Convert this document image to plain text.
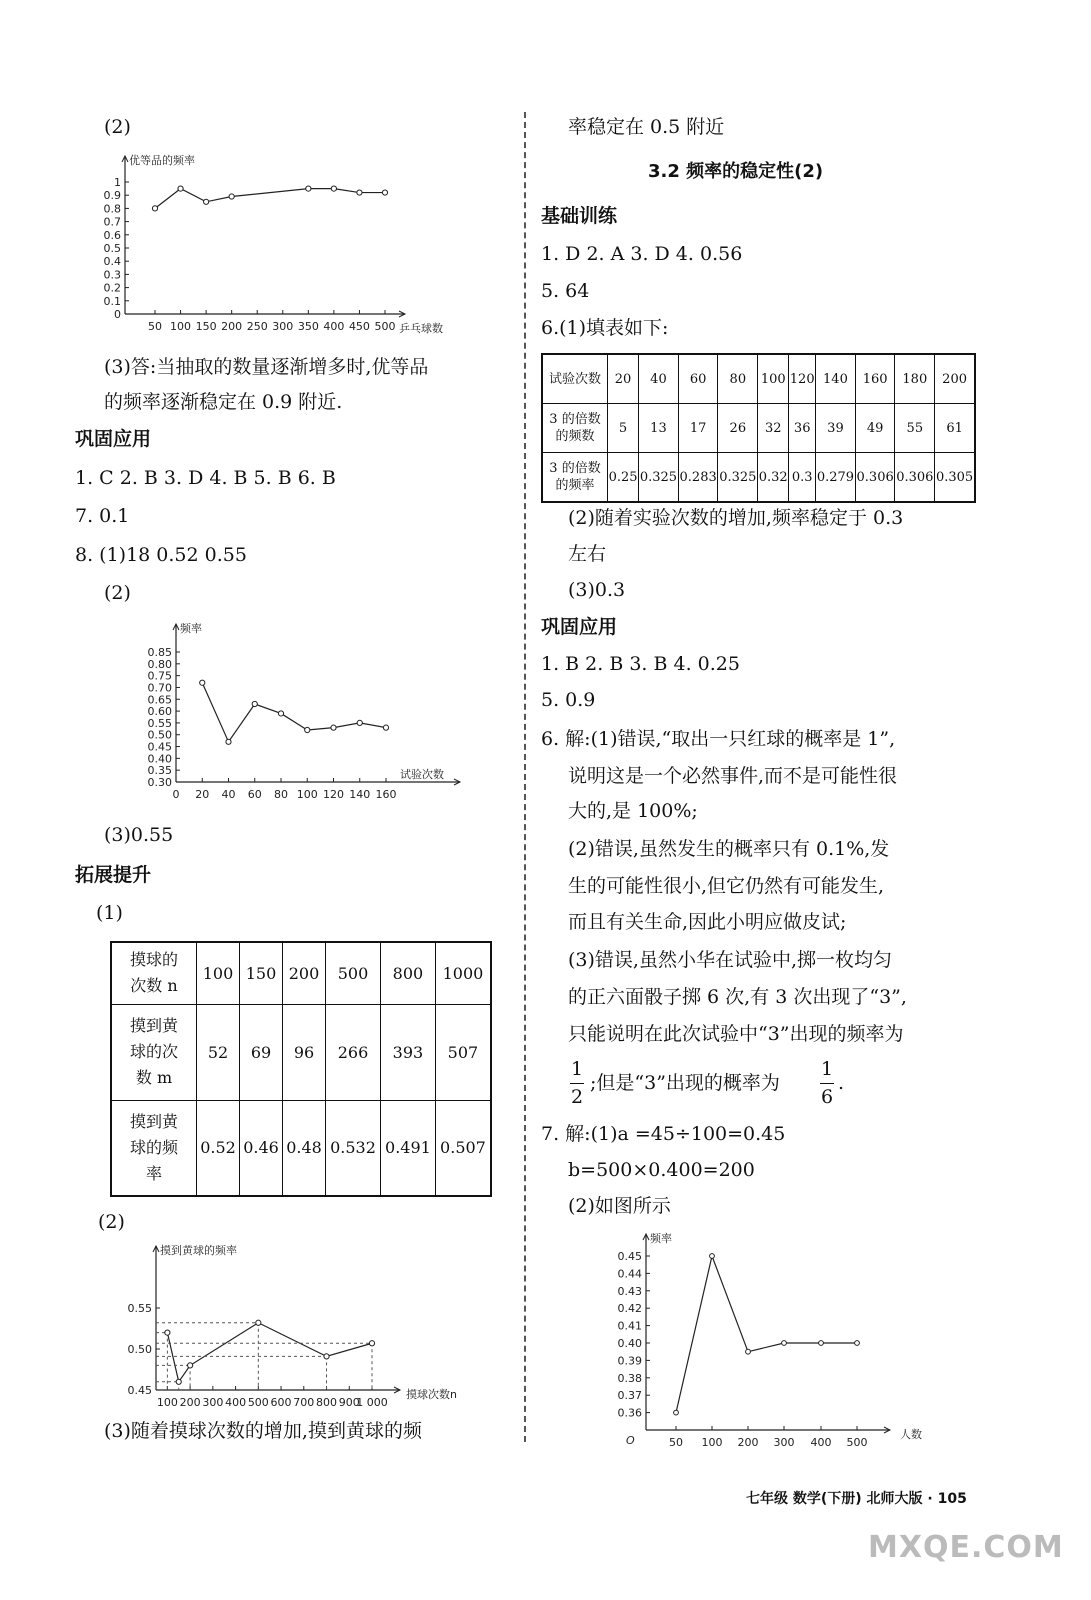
(2)
0
0.1
0.2
0.3
0.4
0.5
0.6
0.7
0.8
0.9
1
50 100 150 200 250 300 350 400 450 500
优等品的频率
乒乓球数
(3)答:当抽取的数量逐渐增多时,优等品
的频率逐渐稳定在 0.9 附近.
巩固应用
1. C 2. B 3. D 4. B 5. B 6. B
7. 0.1
8. (1)18 0.52 0.55
(2)
0.30
0.35
0.40
0.45
0.50
0.55
0.60
0.65
0.70
0.75
0.80
0.85
0 20 40 60 80 100 120 140 160
频率
试验次数
(3)0.55
拓展提升
(1)
摸球的
次数 n	100	150	200	500	800	1000

摸到黄
球的次
数 m	52	69	96	266	393	507

摸到黄
球的频
率	0.52	0.46	0.48	0.532	0.491	0.507
(2)
0.45
0.50
0.55
100 200 300 400 500 600 700 800 900
1 000
摸到黄球的频率
摸球次数n
(3)随着摸球次数的增加,摸到黄球的频
率稳定在 0.5 附近
3.2 频率的稳定性(2)
基础训练
1. D 2. A 3. D 4. 0.56
5. 64
6.(1)填表如下:
试验次数	20	40	60	80	100	120	140	160	180	200

3 的倍数
的频数	5	13	17	26	32	36	39	49	55	61

3 的倍数
的频率	0.25	0.325	0.283	0.325	0.32	0.3	0.279	0.306	0.306	0.305
(2)随着实验次数的增加,频率稳定于 0.3
左右
(3)0.3
巩固应用
1. B 2. B 3. B 4. 0.25
5. 0.9
6. 解:(1)错误,“取出一只红球的概率是 1”,
说明这是一个必然事件,而不是可能性很
大的,是 100%;
(2)错误,虽然发生的概率只有 0.1%,发
生的可能性很小,但它仍然有可能发生,
而且有关生命,因此小明应做皮试;
(3)错误,虽然小华在试验中,掷一枚均匀
的正六面骰子掷 6 次,有 3 次出现了“3”,
只能说明在此次试验中“3”出现的频率为
1
2
;但是“3”出现的概率为
1
6
.
7. 解:(1)a =45÷100=0.45
b=500×0.400=200
(2)如图所示
0.36
0.37
0.38
0.39
0.40
0.41
0.42
0.43
0.44
0.45
50 100 200 300 400 500
频率
人数
O
七年级 数学(下册) 北师大版 · 105
MXQE.COM
